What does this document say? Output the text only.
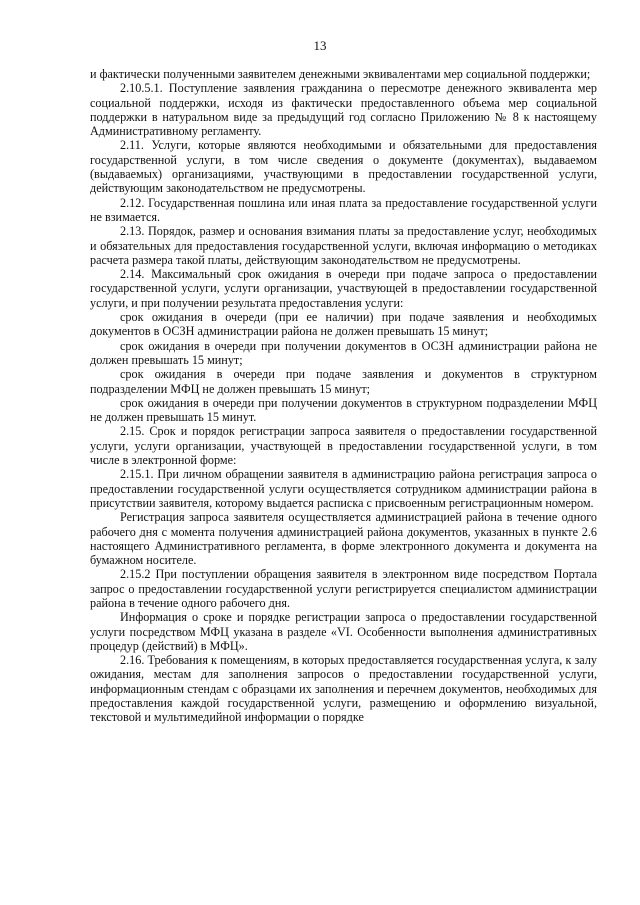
13

и фактически полученными заявителем денежными эквивалентами мер социальной поддержки;

2.10.5.1. Поступление заявления гражданина о пересмотре денежного эквивалента мер социальной поддержки, исходя из фактически предоставленного объема мер социальной поддержки в натуральном виде за предыдущий год согласно Приложению № 8 к настоящему Административному регламенту.

2.11. Услуги, которые являются необходимыми и обязательными для предоставления государственной услуги, в том числе сведения о документе (документах), выдаваемом (выдаваемых) организациями, участвующими в предоставлении государственной услуги, действующим законодательством не предусмотрены.

2.12. Государственная пошлина или иная плата за предоставление государственной услуги не взимается.

2.13. Порядок, размер и основания взимания платы за предоставление услуг, необходимых и обязательных для предоставления государственной услуги, включая информацию о методиках расчета размера такой платы, действующим законодательством не предусмотрены.

2.14. Максимальный срок ожидания в очереди при подаче запроса о предоставлении государственной услуги, услуги организации, участвующей в предоставлении государственной услуги, и при получении результата предоставления услуги:

срок ожидания в очереди (при ее наличии) при подаче заявления и необходимых документов в ОСЗН администрации района не должен превышать 15 минут;

срок ожидания в очереди при получении документов в ОСЗН администрации района не должен превышать 15 минут;

срок ожидания в очереди при подаче заявления и документов в структурном подразделении МФЦ не должен превышать 15 минут;

срок ожидания в очереди при получении документов в структурном подразделении МФЦ не должен превышать 15 минут.

2.15. Срок и порядок регистрации запроса заявителя о предоставлении государственной услуги, услуги организации, участвующей в предоставлении государственной услуги, в том числе в электронной форме:

2.15.1. При личном обращении заявителя в администрацию района регистрация запроса о предоставлении государственной услуги осуществляется сотрудником администрации района в присутствии заявителя, которому выдается расписка с присвоенным регистрационным номером.

Регистрация запроса заявителя осуществляется администрацией района в течение одного рабочего дня с момента получения администрацией района документов, указанных в пункте 2.6 настоящего Административного регламента, в форме электронного документа и документа на бумажном носителе.

2.15.2 При поступлении обращения заявителя в электронном виде посредством Портала запрос о предоставлении государственной услуги регистрируется специалистом администрации района в течение одного рабочего дня.

Информация о сроке и порядке регистрации запроса о предоставлении государственной услуги посредством МФЦ указана в разделе «VI. Особенности выполнения административных процедур (действий) в МФЦ».

2.16. Требования к помещениям, в которых предоставляется государственная услуга, к залу ожидания, местам для заполнения запросов о предоставлении государственной услуги, информационным стендам с образцами их заполнения и перечнем документов, необходимых для предоставления каждой государственной услуги, размещению и оформлению визуальной, текстовой и мультимедийной информации о порядке
